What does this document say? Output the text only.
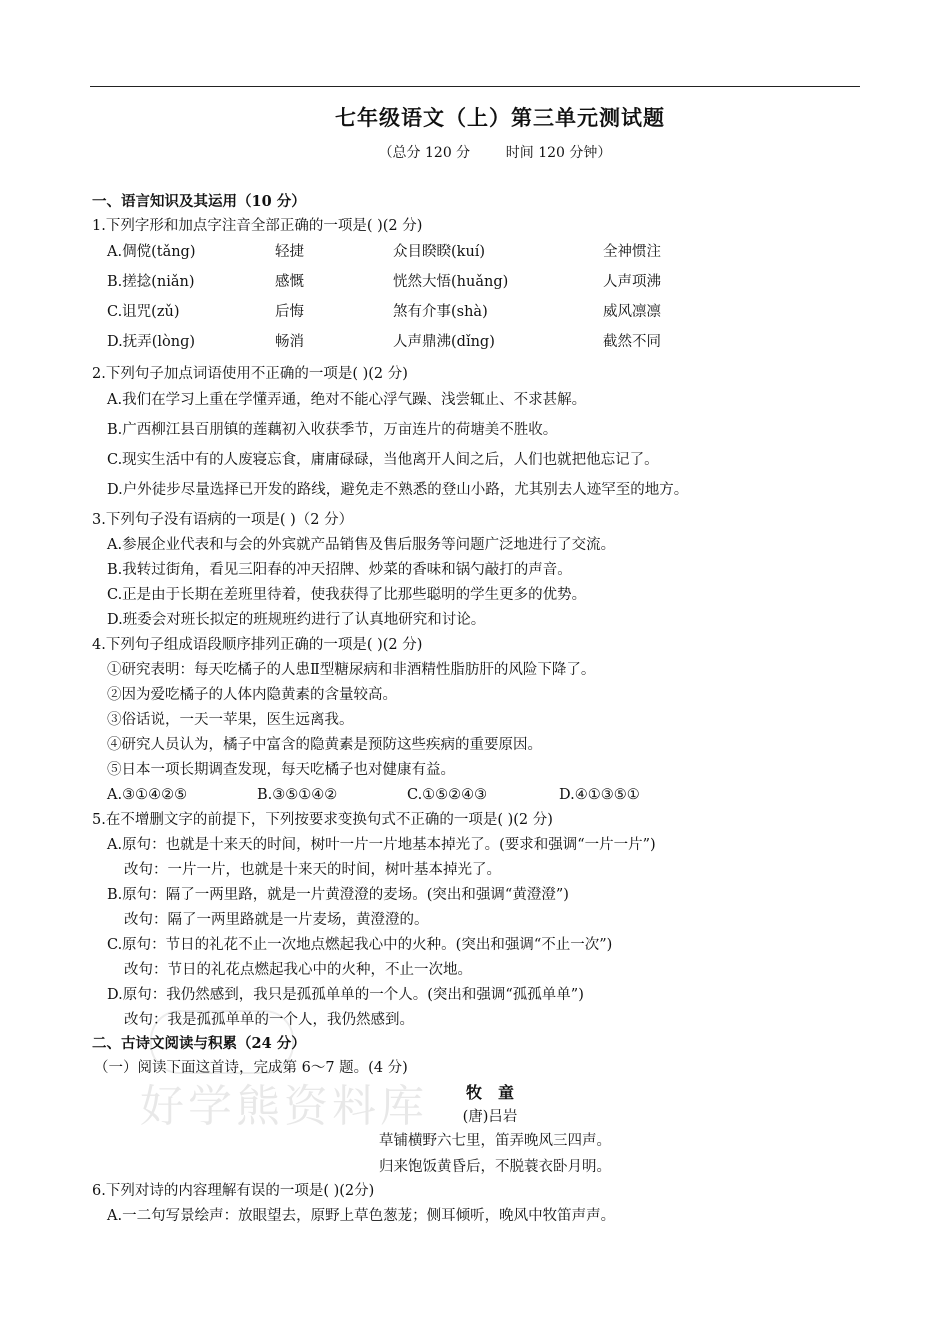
七年级语文（上）第三单元测试题
（总分 120 分        时间 120 分钟）
好学熊资料库
一、语言知识及其运用（10 分）
1.下列字形和加点字注音全部正确的一项是( )(2 分)
A.倜傥(tǎng)	轻捷	众目睽睽(kuí)	全神惯注
B.搓捻(niǎn)	感慨	恍然大悟(huǎng)	人声项沸
C.诅咒(zǔ)	后悔	煞有介事(shà)	威风凛凛
D.抚弄(lònɡ)	畅消	人声鼎沸(dǐng)	截然不同
2.下列句子加点词语使用不正确的一项是( )(2 分)
A.我们在学习上重在学懂弄通，绝对不能心浮气躁、浅尝辄止、不求甚解。
B.广西柳江县百朋镇的莲藕初入收获季节，万亩连片的荷塘美不胜收。
C.现实生活中有的人废寝忘食，庸庸碌碌，当他离开人间之后，人们也就把他忘记了。
D.户外徒步尽量选择已开发的路线，避免走不熟悉的登山小路，尤其别去人迹罕至的地方。
3.下列句子没有语病的一项是( )（2 分）
A.参展企业代表和与会的外宾就产品销售及售后服务等问题广泛地进行了交流。
B.我转过街角，看见三阳春的冲天招牌、炒菜的香味和锅勺敲打的声音。
C.正是由于长期在差班里待着，使我获得了比那些聪明的学生更多的优势。
D.班委会对班长拟定的班规班约进行了认真地研究和讨论。
4.下列句子组成语段顺序排列正确的一项是( )(2 分)
①研究表明：每天吃橘子的人患Ⅱ型糖尿病和非酒精性脂肪肝的风险下降了。
②因为爱吃橘子的人体内隐黄素的含量较高。
③俗话说，一天一苹果，医生远离我。
④研究人员认为，橘子中富含的隐黄素是预防这些疾病的重要原因。
⑤日本一项长期调查发现，每天吃橘子也对健康有益。
A.③①④②⑤	B.③⑤①④②	C.①⑤②④③	D.④①③⑤①
5.在不增删文字的前提下，下列按要求变换句式不正确的一项是( )(2 分)
A.原句：也就是十来天的时间，树叶一片一片地基本掉光了。(要求和强调“一片一片”)
改句：一片一片，也就是十来天的时间，树叶基本掉光了。
B.原句：隔了一两里路，就是一片黄澄澄的麦场。(突出和强调“黄澄澄”)
改句：隔了一两里路就是一片麦场，黄澄澄的。
C.原句：节日的礼花不止一次地点燃起我心中的火种。(突出和强调“不止一次”)
改句：节日的礼花点燃起我心中的火种，不止一次地。
D.原句：我仍然感到，我只是孤孤单单的一个人。(突出和强调“孤孤单单”)
改句：我是孤孤单单的一个人，我仍然感到。
二、古诗文阅读与积累（24 分）
（一）阅读下面这首诗，完成第 6～7 题。(4 分)
牧　童
(唐)吕岩
草铺横野六七里，笛弄晚风三四声。
归来饱饭黄昏后，不脱蓑衣卧月明。
6.下列对诗的内容理解有误的一项是( )(2分)
A.一二句写景绘声：放眼望去，原野上草色葱茏；侧耳倾听，晚风中牧笛声声。
